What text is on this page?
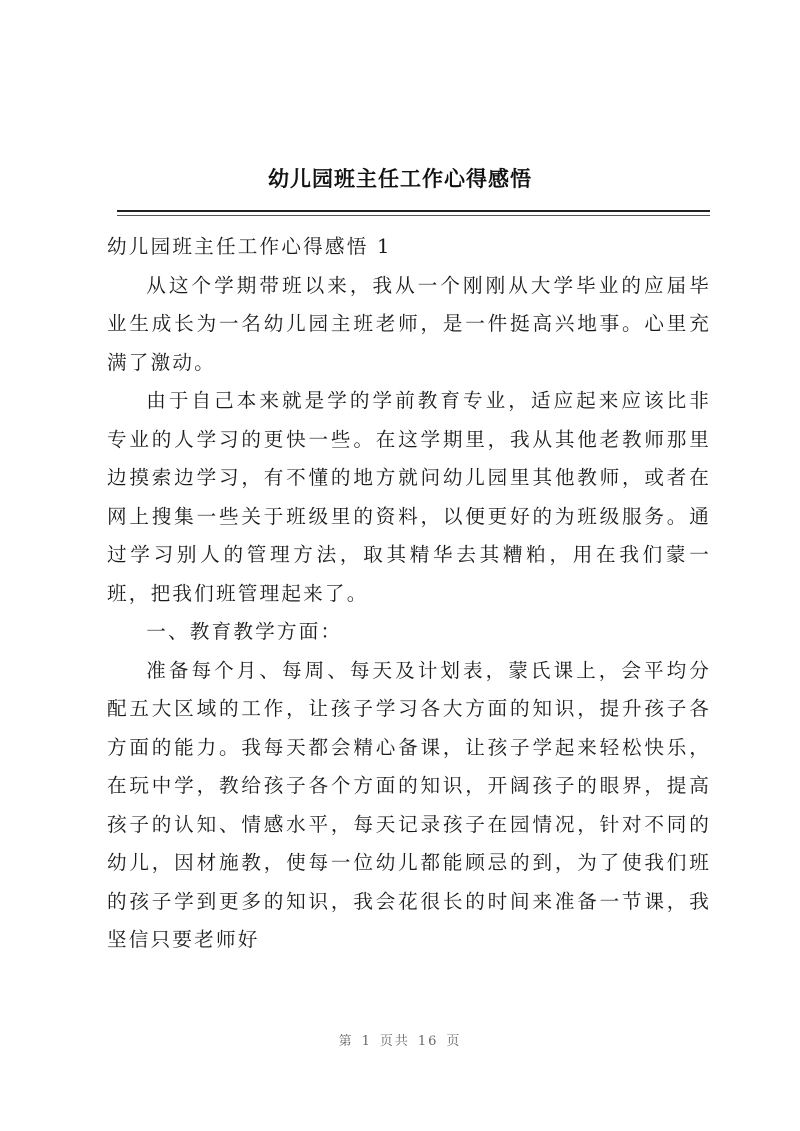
幼儿园班主任工作心得感悟

幼儿园班主任工作心得感悟 1

从这个学期带班以来，我从一个刚刚从大学毕业的应届毕业生成长为一名幼儿园主班老师，是一件挺高兴地事。心里充满了激动。

由于自己本来就是学的学前教育专业，适应起来应该比非专业的人学习的更快一些。在这学期里，我从其他老教师那里边摸索边学习，有不懂的地方就问幼儿园里其他教师，或者在网上搜集一些关于班级里的资料，以便更好的为班级服务。通过学习别人的管理方法，取其精华去其糟粕，用在我们蒙一班，把我们班管理起来了。

一、教育教学方面：

准备每个月、每周、每天及计划表，蒙氏课上，会平均分配五大区域的工作，让孩子学习各大方面的知识，提升孩子各方面的能力。我每天都会精心备课，让孩子学起来轻松快乐，在玩中学，教给孩子各个方面的知识，开阔孩子的眼界，提高孩子的认知、情感水平，每天记录孩子在园情况，针对不同的幼儿，因材施教，使每一位幼儿都能顾忌的到，为了使我们班的孩子学到更多的知识，我会花很长的时间来准备一节课，我坚信只要老师好

第 1 页共 16 页
